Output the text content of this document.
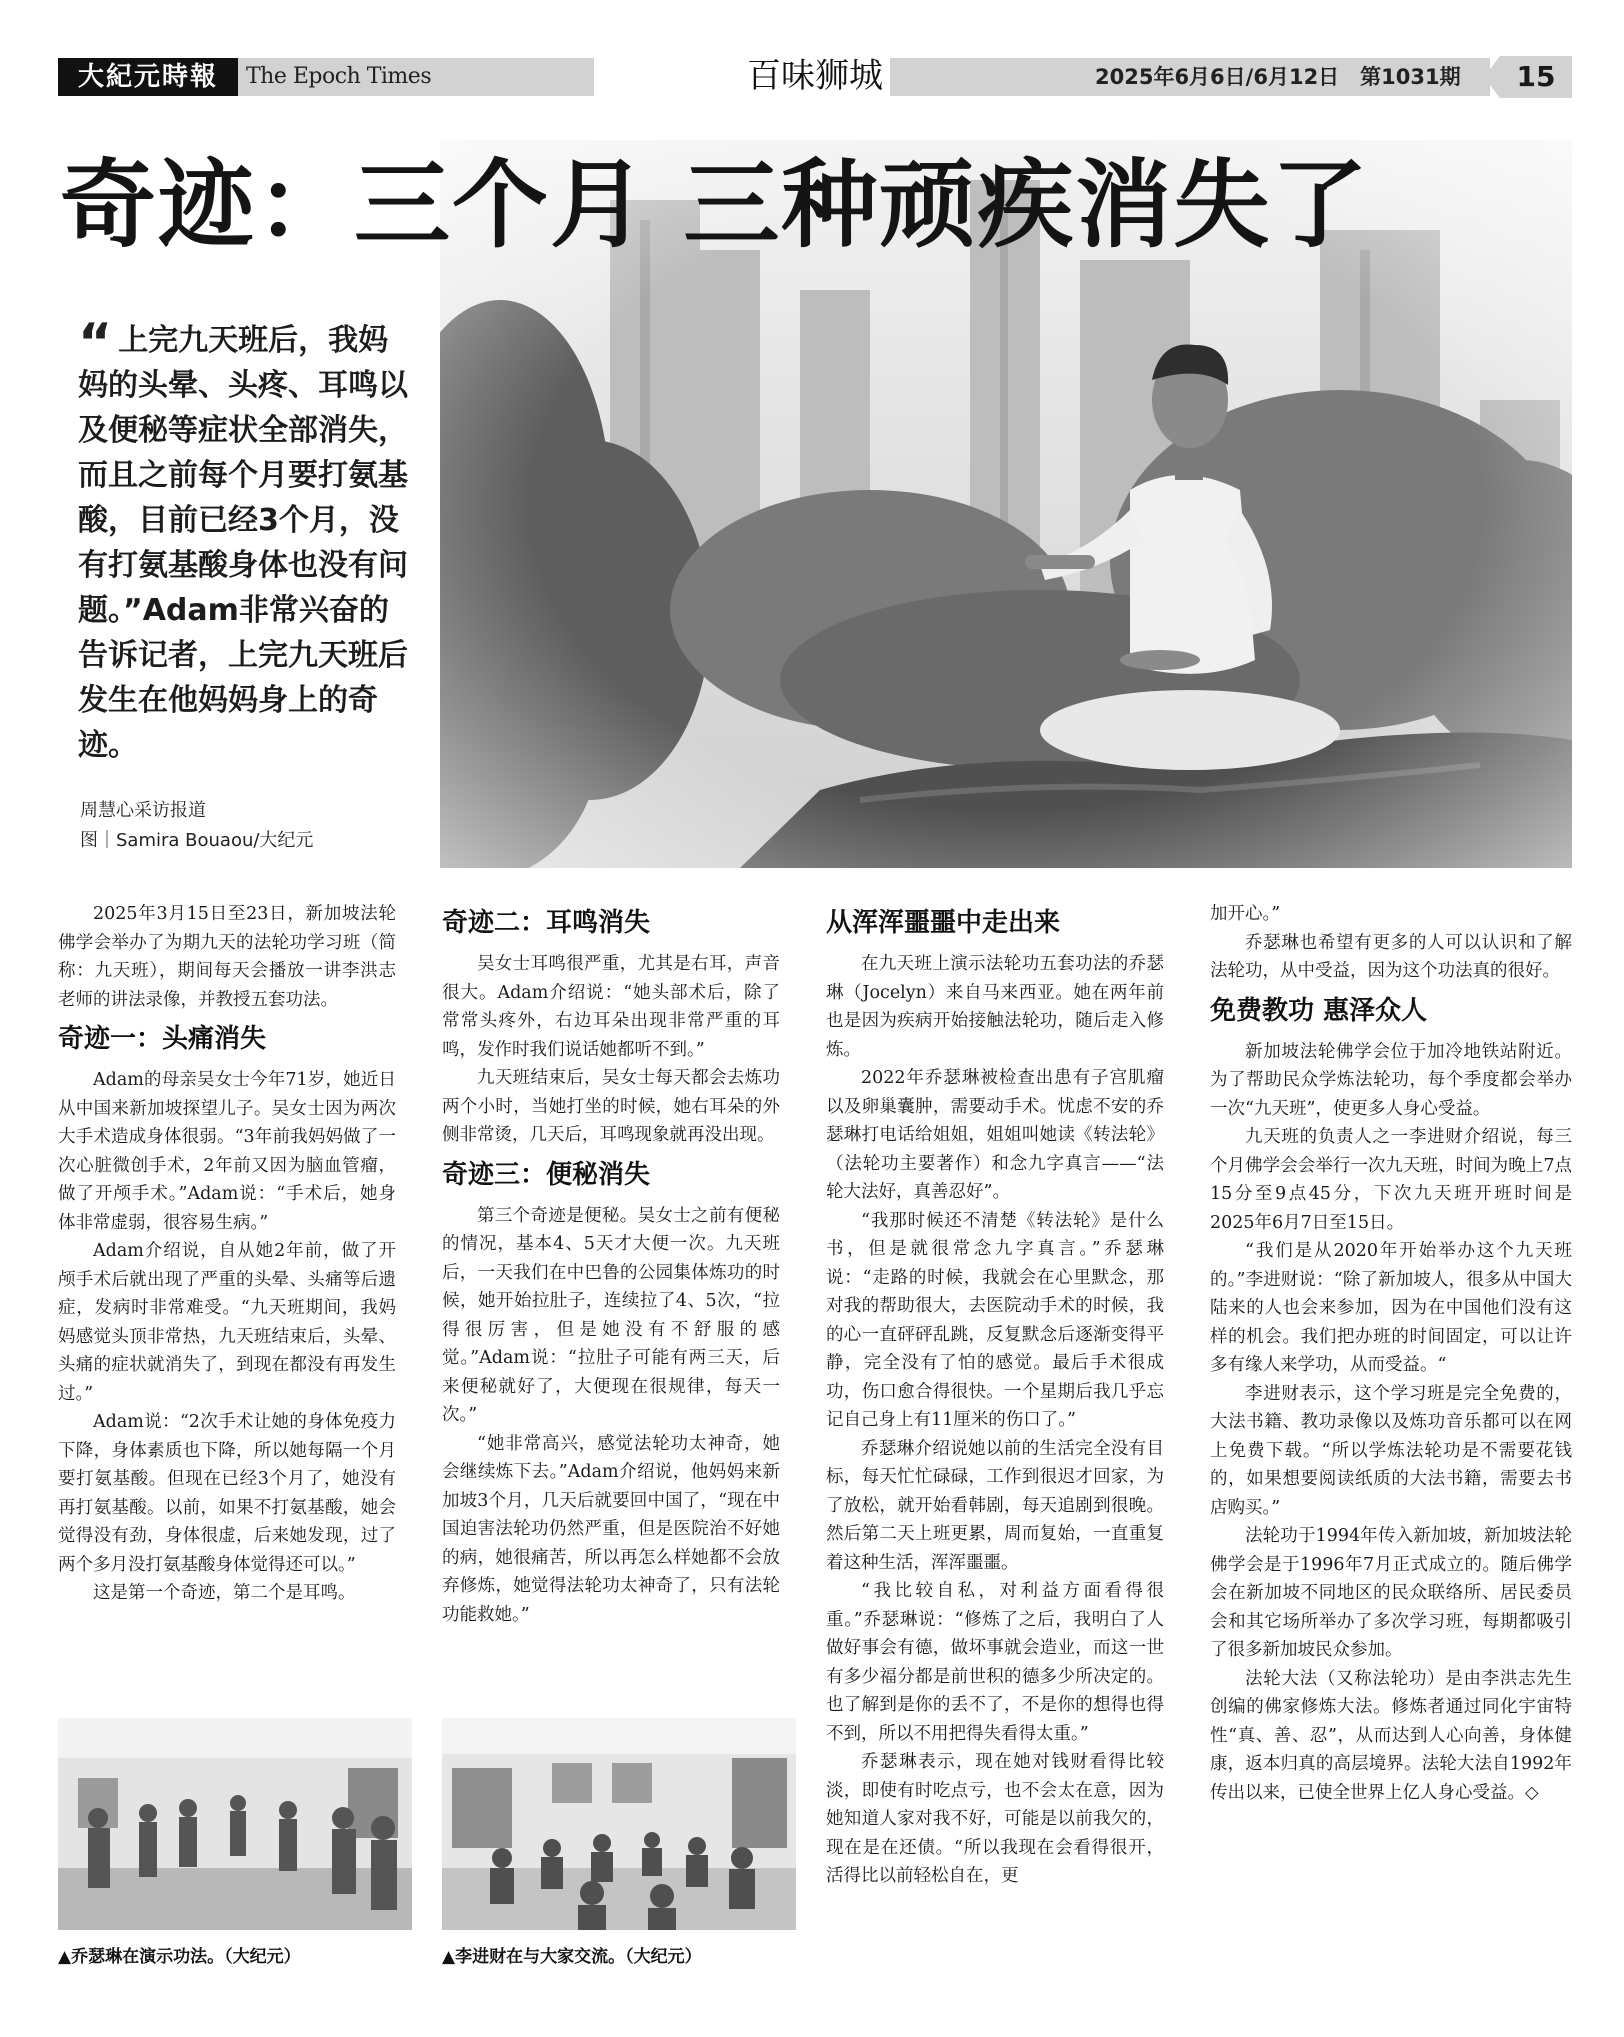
大紀元時報	The Epoch Times	百味狮城	2025年6月6日/6月12日　第1031期	15
奇迹：三个月 三种顽疾消失了
“ 上完九天班后，我妈妈的头晕、头疼、耳鸣以及便秘等症状全部消失，而且之前每个月要打氨基酸，目前已经3个月，没有打氨基酸身体也没有问题。”Adam非常兴奋的告诉记者，上完九天班后发生在他妈妈身上的奇迹。
周慧心采访报道
图｜Samira Bouaou/大纪元

2025年3月15日至23日，新加坡法轮佛学会举办了为期九天的法轮功学习班（简称：九天班），期间每天会播放一讲李洪志老师的讲法录像，并教授五套功法。

奇迹一：头痛消失

Adam的母亲吴女士今年71岁，她近日从中国来新加坡探望儿子。吴女士因为两次大手术造成身体很弱。“3年前我妈妈做了一次心脏微创手术，2年前又因为脑血管瘤，做了开颅手术。”Adam说：“手术后，她身体非常虚弱，很容易生病。”

Adam介绍说，自从她2年前，做了开颅手术后就出现了严重的头晕、头痛等后遗症，发病时非常难受。“九天班期间，我妈妈感觉头顶非常热，九天班结束后，头晕、头痛的症状就消失了，到现在都没有再发生过。”

Adam说：“2次手术让她的身体免疫力下降，身体素质也下降，所以她每隔一个月要打氨基酸。但现在已经3个月了，她没有再打氨基酸。以前，如果不打氨基酸，她会觉得没有劲，身体很虚，后来她发现，过了两个多月没打氨基酸身体觉得还可以。”

这是第一个奇迹，第二个是耳鸣。

奇迹二：耳鸣消失

吴女士耳鸣很严重，尤其是右耳，声音很大。Adam介绍说：“她头部术后，除了常常头疼外，右边耳朵出现非常严重的耳鸣，发作时我们说话她都听不到。”

九天班结束后，吴女士每天都会去炼功两个小时，当她打坐的时候，她右耳朵的外侧非常烫，几天后，耳鸣现象就再没出现。

奇迹三：便秘消失

第三个奇迹是便秘。吴女士之前有便秘的情况，基本4、5天才大便一次。九天班后，一天我们在中巴鲁的公园集体炼功的时候，她开始拉肚子，连续拉了4、5次，“拉得很厉害，但是她没有不舒服的感觉。”Adam说：“拉肚子可能有两三天，后来便秘就好了，大便现在很规律，每天一次。”

“她非常高兴，感觉法轮功太神奇，她会继续炼下去。”Adam介绍说，他妈妈来新加坡3个月，几天后就要回中国了，“现在中国迫害法轮功仍然严重，但是医院治不好她的病，她很痛苦，所以再怎么样她都不会放弃修炼，她觉得法轮功太神奇了，只有法轮功能救她。”

从浑浑噩噩中走出来

在九天班上演示法轮功五套功法的乔瑟琳（Jocelyn）来自马来西亚。她在两年前也是因为疾病开始接触法轮功，随后走入修炼。

2022年乔瑟琳被检查出患有子宫肌瘤以及卵巢囊肿，需要动手术。忧虑不安的乔瑟琳打电话给姐姐，姐姐叫她读《转法轮》（法轮功主要著作）和念九字真言——“法轮大法好，真善忍好”。

“我那时候还不清楚《转法轮》是什么书，但是就很常念九字真言。”乔瑟琳说：“走路的时候，我就会在心里默念，那对我的帮助很大，去医院动手术的时候，我的心一直砰砰乱跳，反复默念后逐渐变得平静，完全没有了怕的感觉。最后手术很成功，伤口愈合得很快。一个星期后我几乎忘记自己身上有11厘米的伤口了。”

乔瑟琳介绍说她以前的生活完全没有目标，每天忙忙碌碌，工作到很迟才回家，为了放松，就开始看韩剧，每天追剧到很晚。然后第二天上班更累，周而复始，一直重复着这种生活，浑浑噩噩。

“我比较自私，对利益方面看得很重。”乔瑟琳说：“修炼了之后，我明白了人做好事会有德，做坏事就会造业，而这一世有多少福分都是前世积的德多少所决定的。也了解到是你的丢不了，不是你的想得也得不到，所以不用把得失看得太重。”

乔瑟琳表示，现在她对钱财看得比较淡，即使有时吃点亏，也不会太在意，因为她知道人家对我不好，可能是以前我欠的，现在是在还债。“所以我现在会看得很开，活得比以前轻松自在，更

加开心。”

乔瑟琳也希望有更多的人可以认识和了解法轮功，从中受益，因为这个功法真的很好。

免费教功 惠泽众人

新加坡法轮佛学会位于加冷地铁站附近。为了帮助民众学炼法轮功，每个季度都会举办一次“九天班”，使更多人身心受益。

九天班的负责人之一李进财介绍说，每三个月佛学会会举行一次九天班，时间为晚上7点15分至9点45分，下次九天班开班时间是2025年6月7日至15日。

“我们是从2020年开始举办这个九天班的。”李进财说：“除了新加坡人，很多从中国大陆来的人也会来参加，因为在中国他们没有这样的机会。我们把办班的时间固定，可以让许多有缘人来学功，从而受益。“

李进财表示，这个学习班是完全免费的，大法书籍、教功录像以及炼功音乐都可以在网上免费下载。“所以学炼法轮功是不需要花钱的，如果想要阅读纸质的大法书籍，需要去书店购买。”

法轮功于1994年传入新加坡，新加坡法轮佛学会是于1996年7月正式成立的。随后佛学会在新加坡不同地区的民众联络所、居民委员会和其它场所举办了多次学习班，每期都吸引了很多新加坡民众参加。

法轮大法（又称法轮功）是由李洪志先生创编的佛家修炼大法。修炼者通过同化宇宙特性“真、善、忍”，从而达到人心向善，身体健康，返本归真的高层境界。法轮大法自1992年传出以来，已使全世界上亿人身心受益。◇

▲乔瑟琳在演示功法。（大纪元）	▲李进财在与大家交流。（大纪元）
